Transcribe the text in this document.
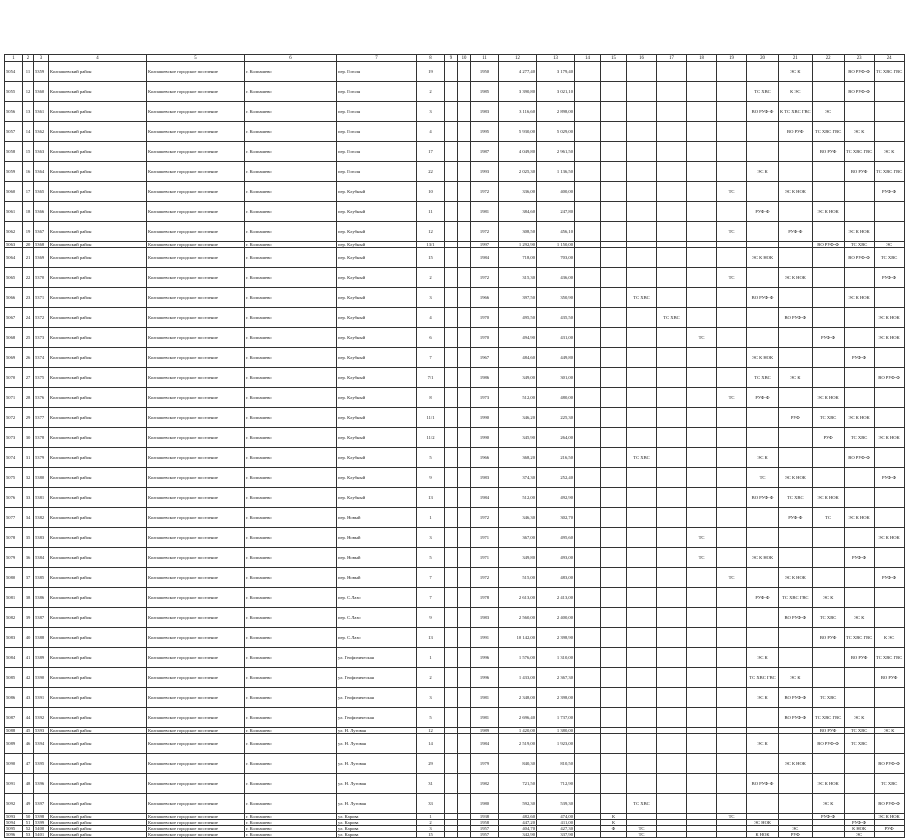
1	2	3	4	5	6	7	8	9	10	11	12	13	14	15	16	17	18	19	20	21	22	23	24
5054	11	5359	Колпашевский район	Колпашевское городское поселение	г. Колпашево	пер. Гоголя	19			1950	4 277,40	3 179,40								ЭС К		ВО РУФ-Ф	ТС ХВС ГВС
5055	12	5360	Колпашевский район	Колпашевское городское поселение	г. Колпашево	пер. Гоголя	2			1985	3 390,80	3 021,10							ТС ХВС	К ЭС		ВО РУФ-Ф	
5056	13	5361	Колпашевский район	Колпашевское городское поселение	г. Колпашево	пер. Гоголя	3			1983	3 116,60	2 898,00							ВО РУФ-Ф	К ТС ХВС ГВС	ЭС		
5057	14	5362	Колпашевский район	Колпашевское городское поселение	г. Колпашево	пер. Гоголя	4			1995	5 930,00	5 029,00								ВО РУФ	ТС ХВС ГВС	ЭС К	
5058	15	5363	Колпашевский район	Колпашевское городское поселение	г. Колпашево	пер. Гоголя	17			1987	4 049,80	2 961,50									ВО РУФ	ТС ХВС ГВС	ЭС К
5059	16	5364	Колпашевский район	Колпашевское городское поселение	г. Колпашево	пер. Гоголя	22			1993	2 025,30	1 136,50							ЭС К			ВО РУФ	ТС ХВС ГВС
5060	17	5365	Колпашевский район	Колпашевское городское поселение	г. Колпашево	пер. Клубный	10			1972	336,00	400,00						ТС		ЭС К НОК			РУФ-Ф
5061	18	5366	Колпашевский район	Колпашевское городское поселение	г. Колпашево	пер. Клубный	11			1981	384,60	247,80							РУФ-Ф		ЭС К НОК		
5062	19	5367	Колпашевский район	Колпашевское городское поселение	г. Колпашево	пер. Клубный	12			1972	308,50	456,10						ТС		РУФ-Ф		ЭС К НОК	
5063	20	5368	Колпашевский район	Колпашевское городское поселение	г. Колпашево	пер. Клубный	13/1			1997	1 292,90	1 150,00									ВО РУФ-Ф	ТС ХВС	ЭС
5064	21	5369	Колпашевский район	Колпашевское городское поселение	г. Колпашево	пер. Клубный	15			1984	718,00	703,00							ЭС К НОК			ВО РУФ-Ф	ТС ХВС
5065	22	5370	Колпашевский район	Колпашевское городское поселение	г. Колпашево	пер. Клубный	2			1972	315,30	436,00						ТС		ЭС К НОК			РУФ-Ф
5066	23	5371	Колпашевский район	Колпашевское городское поселение	г. Колпашево	пер. Клубный	3			1966	397,50	350,90			ТС ХВС				ВО РУФ-Ф			ЭС К НОК	
5067	24	5372	Колпашевский район	Колпашевское городское поселение	г. Колпашево	пер. Клубный	4			1970	495,50	435,50				ТС ХВС				ВО РУФ-Ф			ЭС К НОК
5068	25	5373	Колпашевский район	Колпашевское городское поселение	г. Колпашево	пер. Клубный	6			1970	494,90	431,00					ТС				РУФ-Ф		ЭС К НОК
5069	26	5374	Колпашевский район	Колпашевское городское поселение	г. Колпашево	пер. Клубный	7			1967	484,60	449,80							ЭС К НОК			РУФ-Ф	
5070	27	5375	Колпашевский район	Колпашевское городское поселение	г. Колпашево	пер. Клубный	7/1			1986	349,00	301,00							ТС ХВС	ЭС К			ВО РУФ-Ф
5071	28	5376	Колпашевский район	Колпашевское городское поселение	г. Колпашево	пер. Клубный	8			1973	512,00	480,00						ТС	РУФ-Ф		ЭС К НОК		
5072	29	5377	Колпашевский район	Колпашевское городское поселение	г. Колпашево	пер. Клубный	11/1			1990	346,20	225,30								РУФ	ТС ХВС	ЭС К НОК	
5073	30	5378	Колпашевский район	Колпашевское городское поселение	г. Колпашево	пер. Клубный	11/2			1990	345,90	264,00									РУФ	ТС ХВС	ЭС К НОК
5074	31	5379	Колпашевский район	Колпашевское городское поселение	г. Колпашево	пер. Клубный	5			1966	368,20	216,50			ТС ХВС				ЭС К			ВО РУФ-Ф	
5075	32	5380	Колпашевский район	Колпашевское городское поселение	г. Колпашево	пер. Клубный	9			1983	374,30	252,40							ТС	ЭС К НОК			РУФ-Ф
5076	33	5381	Колпашевский район	Колпашевское городское поселение	г. Колпашево	пер. Клубный	13			1984	512,00	492,90							ВО РУФ-Ф	ТС ХВС	ЭС К НОК		
5077	34	5382	Колпашевский район	Колпашевское городское поселение	г. Колпашево	пер. Новый	1			1972	346,30	302,70								РУФ-Ф	ТС	ЭС К НОК	
5078	35	5383	Колпашевский район	Колпашевское городское поселение	г. Колпашево	пер. Новый	3			1971	367,00	495,60					ТС						ЭС К НОК
5079	36	5384	Колпашевский район	Колпашевское городское поселение	г. Колпашево	пер. Новый	5			1971	349,80	493,00					ТС		ЭС К НОК			РУФ-Ф	
5080	37	5385	Колпашевский район	Колпашевское городское поселение	г. Колпашево	пер. Новый	7			1972	515,00	483,00						ТС		ЭС К НОК			РУФ-Ф
5081	38	5386	Колпашевский район	Колпашевское городское поселение	г. Колпашево	пер. С.Лазо	7			1978	2 613,00	2 413,00							РУФ-Ф	ТС ХВС ГВС	ЭС К		
5082	39	5387	Колпашевский район	Колпашевское городское поселение	г. Колпашево	пер. С.Лазо	9			1983	2 560,00	2 400,00								ВО РУФ-Ф	ТС ХВС	ЭС К	
5083	40	5388	Колпашевский район	Колпашевское городское поселение	г. Колпашево	пер. С.Лазо	13			1991	10 142,00	2 398,90									ВО РУФ	ТС ХВС ГВС	К ЭС
5084	41	5389	Колпашевский район	Колпашевское городское поселение	г. Колпашево	ул. Геофизическая	1			1996	1 576,00	1 310,00							ЭС К			ВО РУФ	ТС ХВС ГВС
5085	42	5390	Колпашевский район	Колпашевское городское поселение	г. Колпашево	ул. Геофизическая	2			1996	1 433,00	2 367,30							ТС ХВС ГВС	ЭС К			ВО РУФ
5086	43	5391	Колпашевский район	Колпашевское городское поселение	г. Колпашево	ул. Геофизическая	3			1981	2 348,00	2 398,00							ЭС К	ВО РУФ-Ф	ТС ХВС		
5087	44	5392	Колпашевский район	Колпашевское городское поселение	г. Колпашево	ул. Геофизическая	5			1981	2 696,40	1 737,00								ВО РУФ-Ф	ТС ХВС ГВС	ЭС К	
5088	45	5393	Колпашевский район	Колпашевское городское поселение	г. Колпашево	ул. Н. Луговая	12			1989	1 420,00	1 380,00									ВО РУФ	ТС ХВС	ЭС К
5089	46	5394	Колпашевский район	Колпашевское городское поселение	г. Колпашево	ул. Н. Луговая	14			1984	2 519,00	1 923,00							ЭС К		ВО РУФ-Ф	ТС ХВС	
5090	47	5395	Колпашевский район	Колпашевское городское поселение	г. Колпашево	ул. Н. Луговая	29			1979	840,30	810,50								ЭС К НОК			ВО РУФ-Ф
5091	48	5396	Колпашевский район	Колпашевское городское поселение	г. Колпашево	ул. Н. Луговая	31			1982	721,50	712,90							ВО РУФ-Ф		ЭС К НОК		ТС ХВС
5092	49	5397	Колпашевский район	Колпашевское городское поселение	г. Колпашево	ул. Н. Луговая	33			1980	592,30	539,30			ТС ХВС						ЭС К		ВО РУФ-Ф
5093	50	5398	Колпашевский район	Колпашевское городское поселение	г. Колпашево	ул. Карова	1			1938	482,60	474,00		К				ТС			РУФ-Ф		ЭС К НОК
5094	51	5399	Колпашевский район	Колпашевское городское поселение	г. Колпашево	ул. Карова	2			1958	447,20	411,00		К					ЭС НОК			РУФ-Ф	
5095	52	5400	Колпашевский район	Колпашевское городское поселение	г. Колпашево	ул. Карова	3			1957	404,70	427,30		Ф	ТС					ЭС		К НОК	РУФ
5096	53	5401	Колпашевский район	Колпашевское городское поселение	г. Колпашево	ул. Карова	15			1957	342,90	337,90			ТС				К НОК	РУФ		ЭС	
